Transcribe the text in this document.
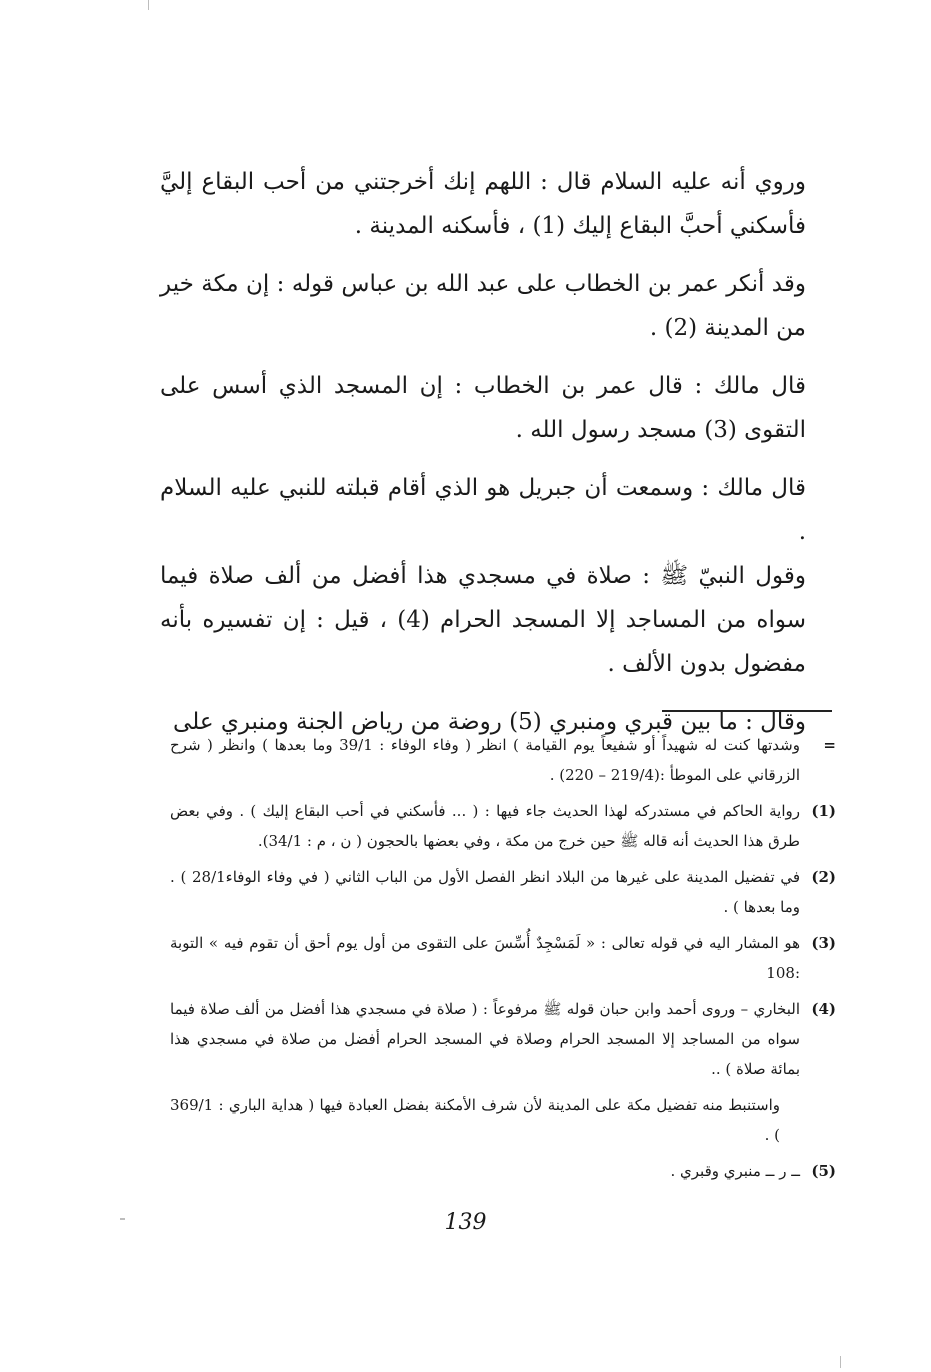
وروي أنه عليه السلام قال : اللهم إنك أخرجتني من أحب البقاع إليَّ فأسكني أحبَّ البقاع إليك (1) ، فأسكنه المدينة .

وقد أنكر عمر بن الخطاب على عبد الله بن عباس قوله : إن مكة خير من المدينة (2) .

قال مالك : قال عمر بن الخطاب : إن المسجد الذي أسس على التقوى (3) مسجد رسول الله .

قال مالك : وسمعت أن جبريل هو الذي أقام قبلته للنبي عليه السلام .

وقول النبيّ ﷺ : صلاة في مسجدي هذا أفضل من ألف صلاة فيما سواه من المساجد إلا المسجد الحرام (4) ، قيل : إن تفسيره بأنه مفضول بدون الألف .

وقال : ما بين قبري ومنبري (5) روضة من رياض الجنة ومنبري على

=
وشدتها كنت له شهيداً أو شفيعاً يوم القيامة ) انظر ( وفاء الوفاء : 39/1 وما بعدها ) وانظر ( شرح الزرقاني على الموطأ :(219/4 – 220) .
(1)
رواية الحاكم في مستدركه لهذا الحديث جاء فيها : ( ... فأسكني في أحب البقاع إليك ) . وفي بعض طرق هذا الحديث أنه قاله ﷺ حين خرج من مكة ، وفي بعضها بالحجون ( ن ، م : 34/1).
(2)
في تفضيل المدينة على غيرها من البلاد انظر الفصل الأول من الباب الثاني ( في وفاء الوفاء28/1 ) . وما بعدها ) .
(3)
هو المشار اليه في قوله تعالى : « لَمَسْجِدٌ أُسِّسَ على التقوى من أول يوم أحق أن تقوم فيه » التوبة :108
(4)
البخاري – وروى أحمد وابن حبان قوله ﷺ مرفوعاً : ( صلاة في مسجدي هذا أفضل من ألف صلاة فيما سواه من المساجد إلا المسجد الحرام وصلاة في المسجد الحرام أفضل من صلاة في مسجدي هذا بمائة صلاة ) ..
واستنبط منه تفضيل مكة على المدينة لأن شرف الأمكنة بفضل العبادة فيها ( هداية الباري : 369/1 ) .
(5)
ــ ر ــ منبري وقبري .
139
